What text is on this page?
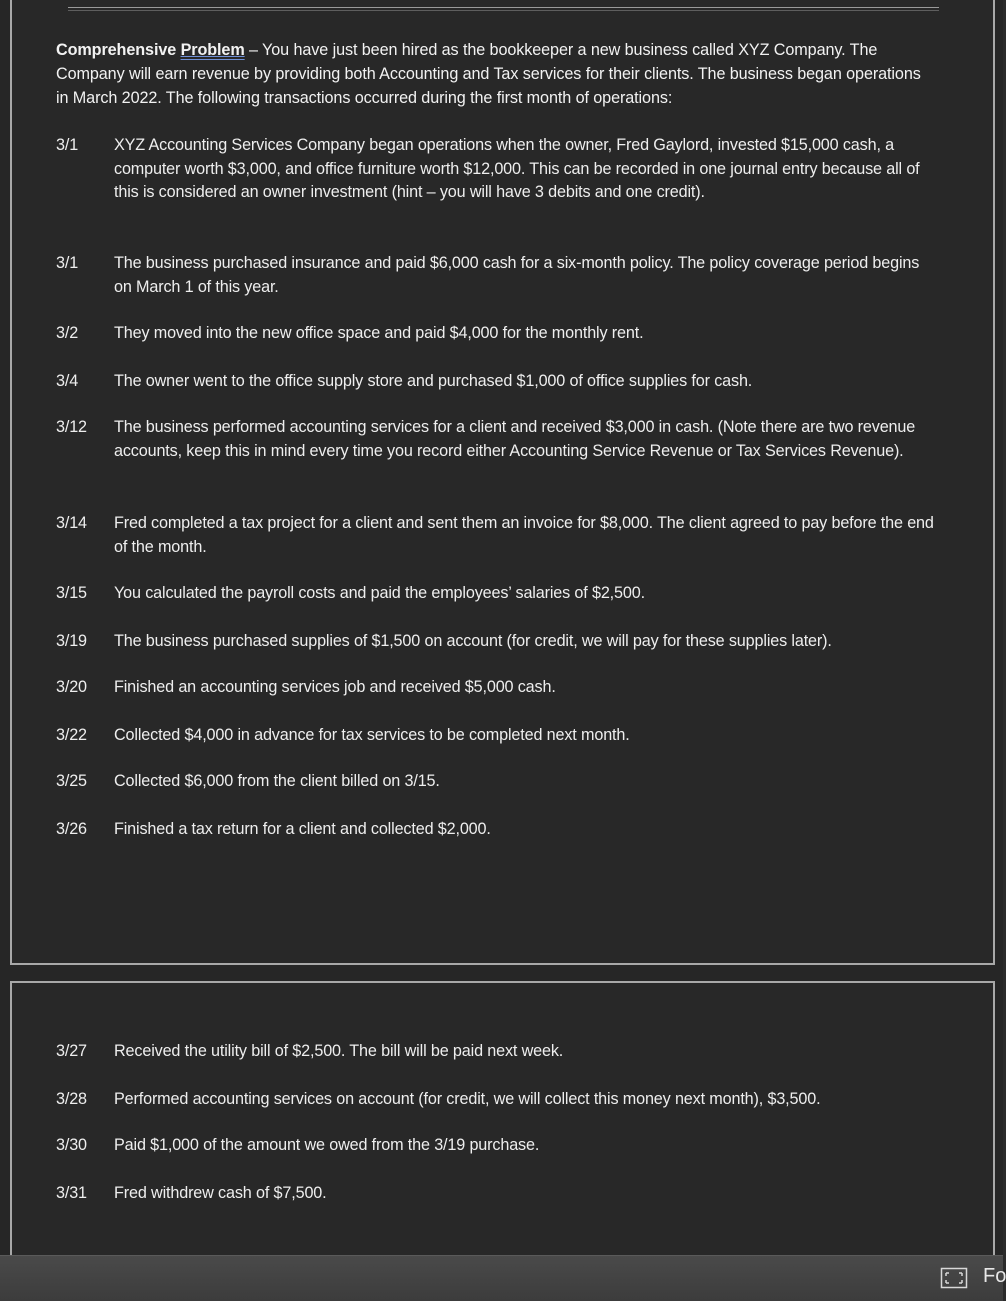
Comprehensive Problem – You have just been hired as the bookkeeper a new business called XYZ Company. The Company will earn revenue by providing both Accounting and Tax services for their clients. The business began operations in March 2022. The following transactions occurred during the first month of operations:

3/1	XYZ Accounting Services Company began operations when the owner, Fred Gaylord, invested $15,000 cash, a computer worth $3,000, and office furniture worth $12,000. This can be recorded in one journal entry because all of this is considered an owner investment (hint – you will have 3 debits and one credit).
3/1	The business purchased insurance and paid $6,000 cash for a six-month policy. The policy coverage period begins on March 1 of this year.
3/2	They moved into the new office space and paid $4,000 for the monthly rent.
3/4	The owner went to the office supply store and purchased $1,000 of office supplies for cash.
3/12	The business performed accounting services for a client and received $3,000 in cash. (Note there are two revenue accounts, keep this in mind every time you record either Accounting Service Revenue or Tax Services Revenue).
3/14	Fred completed a tax project for a client and sent them an invoice for $8,000. The client agreed to pay before the end of the month.
3/15	You calculated the payroll costs and paid the employees’ salaries of $2,500.
3/19	The business purchased supplies of $1,500 on account (for credit, we will pay for these supplies later).
3/20	Finished an accounting services job and received $5,000 cash.
3/22	Collected $4,000 in advance for tax services to be completed next month.
3/25	Collected $6,000 from the client billed on 3/15.
3/26	Finished a tax return for a client and collected $2,000.
3/27	Received the utility bill of $2,500. The bill will be paid next week.
3/28	Performed accounting services on account (for credit, we will collect this money next month), $3,500.
3/30	Paid $1,000 of the amount we owed from the 3/19 purchase.
3/31	Fred withdrew cash of $7,500.
Fo
